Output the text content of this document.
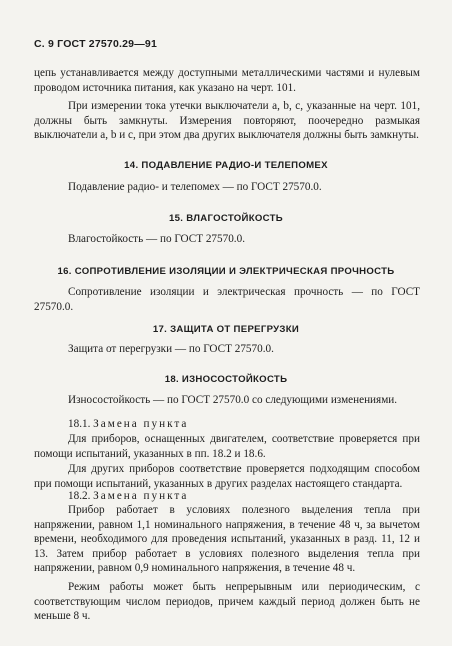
С. 9 ГОСТ 27570.29—91
цепь устанавливается между доступными металлическими частями и нулевым проводом источника питания, как указано на черт. 101.
При измерении тока утечки выключатели a, b, c, указанные на черт. 101, должны быть замкнуты. Измерения повторяют, поочередно размыкая выключатели a, b и c, при этом два других выключателя должны быть замкнуты.
14. ПОДАВЛЕНИЕ РАДИО-И ТЕЛЕПОМЕХ
Подавление радио- и телепомех — по ГОСТ 27570.0.
15. ВЛАГОСТОЙКОСТЬ
Влагостойкость — по ГОСТ 27570.0.
16. СОПРОТИВЛЕНИЕ ИЗОЛЯЦИИ И ЭЛЕКТРИЧЕСКАЯ ПРОЧНОСТЬ
Сопротивление изоляции и электрическая прочность — по ГОСТ 27570.0.
17. ЗАЩИТА ОТ ПЕРЕГРУЗКИ
Защита от перегрузки — по ГОСТ 27570.0.
18. ИЗНОСОСТОЙКОСТЬ
Износостойкость — по ГОСТ 27570.0 со следующими изменениями.
18.1. Замена пункта
Для приборов, оснащенных двигателем, соответствие проверяется при помощи испытаний, указанных в пп. 18.2 и 18.6.
Для других приборов соответствие проверяется подходящим способом при помощи испытаний, указанных в других разделах настоящего стандарта.
18.2. Замена пункта
Прибор работает в условиях полезного выделения тепла при напряжении, равном 1,1 номинального напряжения, в течение 48 ч, за вычетом времени, необходимого для проведения испытаний, указанных в разд. 11, 12 и 13. Затем прибор работает в условиях полезного выделения тепла при напряжении, равном 0,9 номинального напряжения, в течение 48 ч.
Режим работы может быть непрерывным или периодическим, с соответствующим числом периодов, причем каждый период должен быть не меньше 8 ч.
